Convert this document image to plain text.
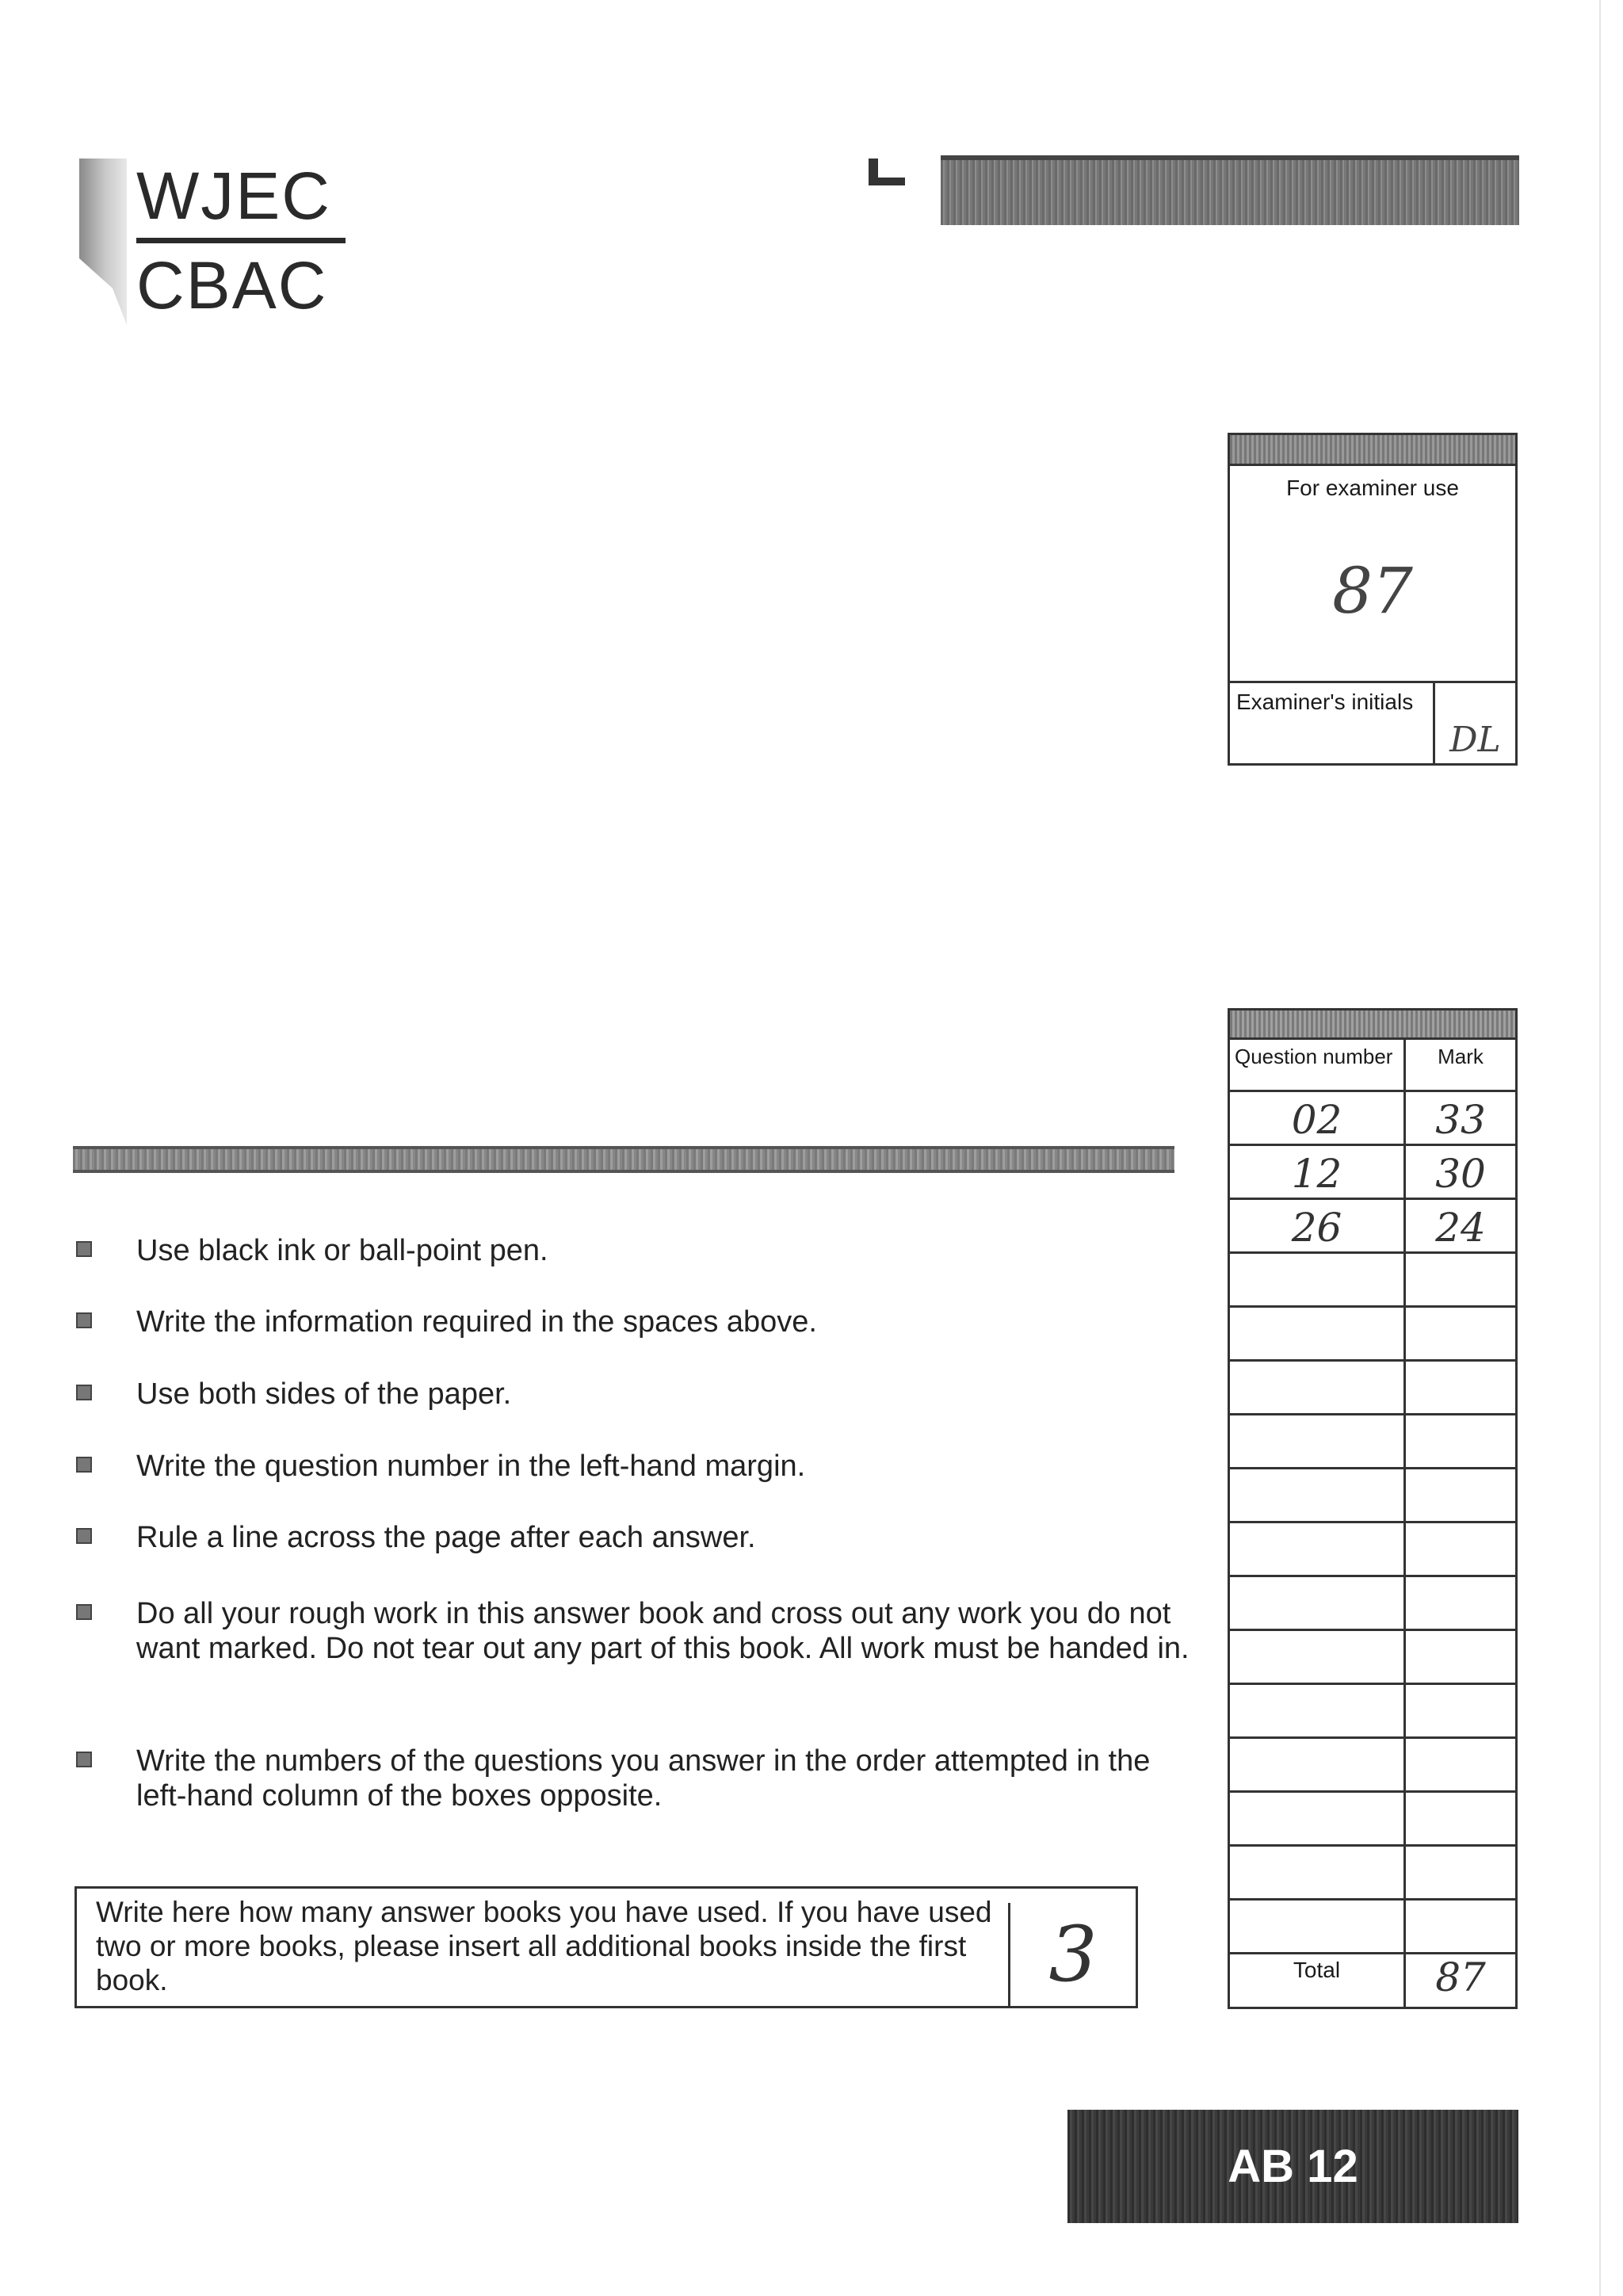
WJEC
CBAC
For examiner use
87
Examiner's initials
DL
Use black ink or ball-point pen.
Write the information required in the spaces above.
Use both sides of the paper.
Write the question number in the left-hand margin.
Rule a line across the page after each answer.
Do all your rough work in this answer book and cross out any work you do not want marked. Do not tear out any part of this book. All work must be handed in.
Write the numbers of the questions you answer in the order attempted in the left-hand column of the boxes opposite.
Write here how many answer books you have used. If you have used two or more books, please insert all additional books inside the first book.	3
Question number	Mark
02	33
12	30
26	24
Total	87
AB 12
